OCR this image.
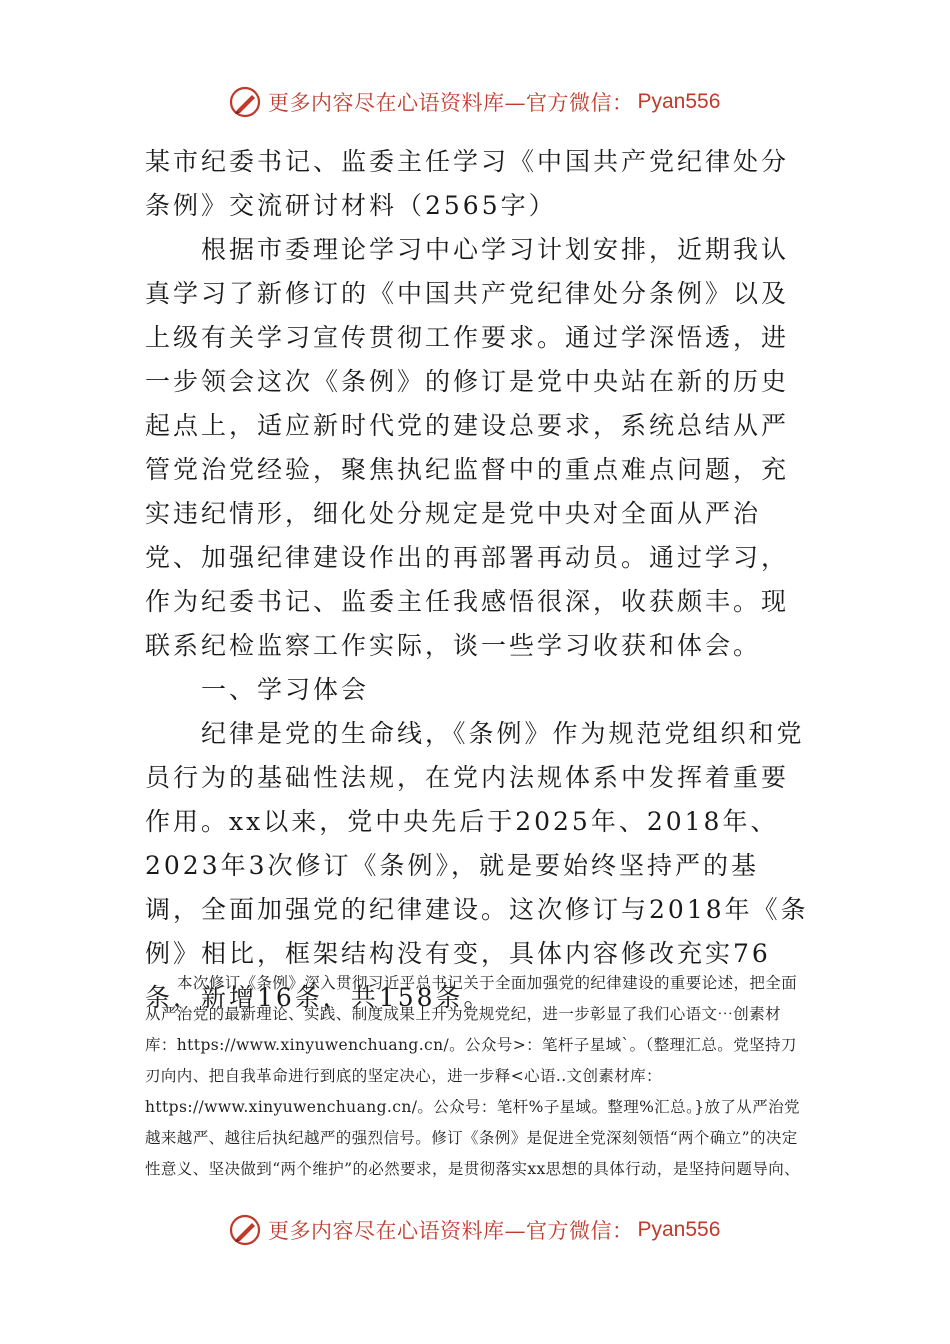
更多内容尽在心语资料库—官方微信： Pyan556

某市纪委书记、监委主任学习《中国共产党纪律处分条例》交流研讨材料（2565字）

根据市委理论学习中心学习计划安排，近期我认真学习了新修订的《中国共产党纪律处分条例》以及上级有关学习宣传贯彻工作要求。通过学深悟透，进一步领会这次《条例》的修订是党中央站在新的历史起点上，适应新时代党的建设总要求，系统总结从严管党治党经验，聚焦执纪监督中的重点难点问题，充实违纪情形，细化处分规定是党中央对全面从严治党、加强纪律建设作出的再部署再动员。通过学习，作为纪委书记、监委主任我感悟很深，收获颇丰。现联系纪检监察工作实际，谈一些学习收获和体会。

一、学习体会

纪律是党的生命线，《条例》作为规范党组织和党员行为的基础性法规，在党内法规体系中发挥着重要作用。xx以来，党中央先后于2025年、2018年、2023年3次修订《条例》，就是要始终坚持严的基调，全面加强党的纪律建设。这次修订与2018年《条例》相比，框架结构没有变，具体内容修改充实76条，新增16条，共158条。

本次修订《条例》深入贯彻习近平总书记关于全面加强党的纪律建设的重要论述，把全面从严治党的最新理论、实践、制度成果上升为党规党纪，进一步彰显了我们心语文⋯创素材库：https://www.xinyuwenchuang.cn/。公众号>：笔杆子星域`。（整理汇总。党坚持刀刃向内、把自我革命进行到底的坚定决心，进一步释<心语..文创素材库：https://www.xinyuwenchuang.cn/。公众号：笔杆%子星域。整理%汇总。}放了从严治党越来越严、越往后执纪越严的强烈信号。修订《条例》是促进全党深刻领悟“两个确立”的决定性意义、坚决做到“两个维护”的必然要求，是贯彻落实xx思想的具体行动，是坚持问题导向、

更多内容尽在心语资料库—官方微信： Pyan556
